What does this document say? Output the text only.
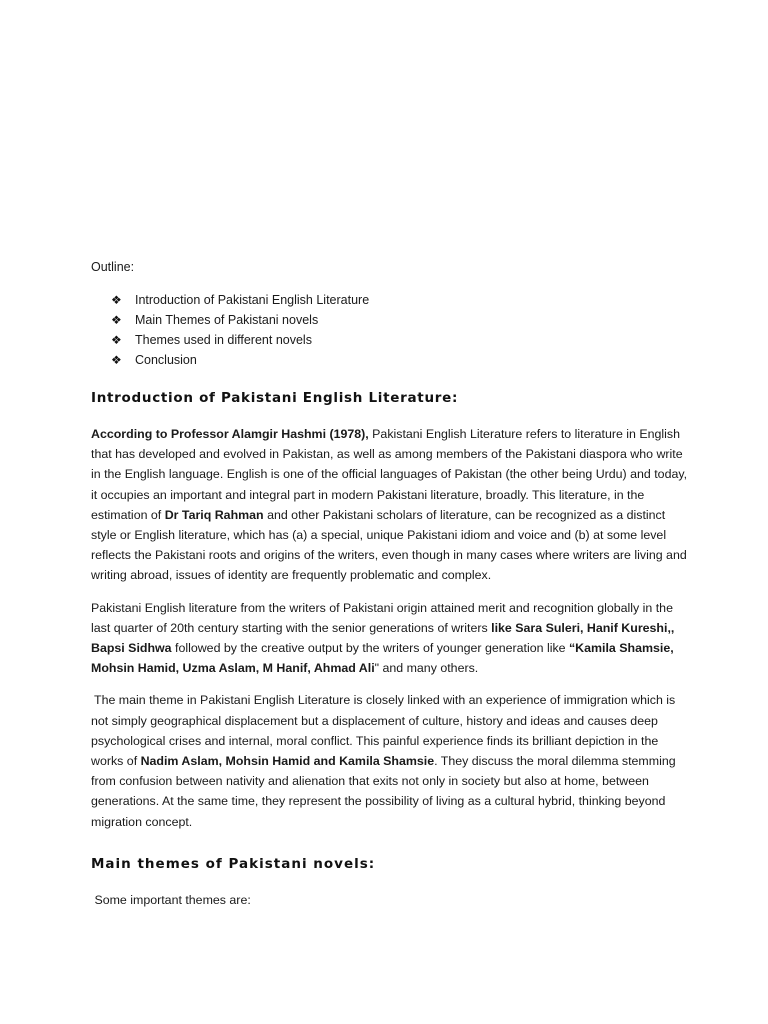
Outline:

❖	Introduction of Pakistani English Literature
❖	Main Themes of Pakistani novels
❖	Themes used in different novels
❖	Conclusion
Introduction of Pakistani English Literature:

According to Professor Alamgir Hashmi (1978), Pakistani English Literature refers to literature in English that has developed and evolved in Pakistan, as well as among members of the Pakistani diaspora who write in the English language. English is one of the official languages of Pakistan (the other being Urdu) and today, it occupies an important and integral part in modern Pakistani literature, broadly. This literature, in the estimation of Dr Tariq Rahman and other Pakistani scholars of literature, can be recognized as a distinct style or English literature, which has (a) a special, unique Pakistani idiom and voice and (b) at some level reflects the Pakistani roots and origins of the writers, even though in many cases where writers are living and writing abroad, issues of identity are frequently problematic and complex.

Pakistani English literature from the writers of Pakistani origin attained merit and recognition globally in the last quarter of 20th century starting with the senior generations of writers like Sara Suleri, Hanif Kureshi,, Bapsi Sidhwa followed by the creative output by the writers of younger generation like “Kamila Shamsie, Mohsin Hamid, Uzma Aslam, M Hanif, Ahmad Ali" and many others.

The main theme in Pakistani English Literature is closely linked with an experience of immigration which is not simply geographical displacement but a displacement of culture, history and ideas and causes deep psychological crises and internal, moral conflict. This painful experience finds its brilliant depiction in the works of Nadim Aslam, Mohsin Hamid and Kamila Shamsie. They discuss the moral dilemma stemming from confusion between nativity and alienation that exits not only in society but also at home, between generations. At the same time, they represent the possibility of living as a cultural hybrid, thinking beyond migration concept.

Main themes of Pakistani novels:

Some important themes are:
